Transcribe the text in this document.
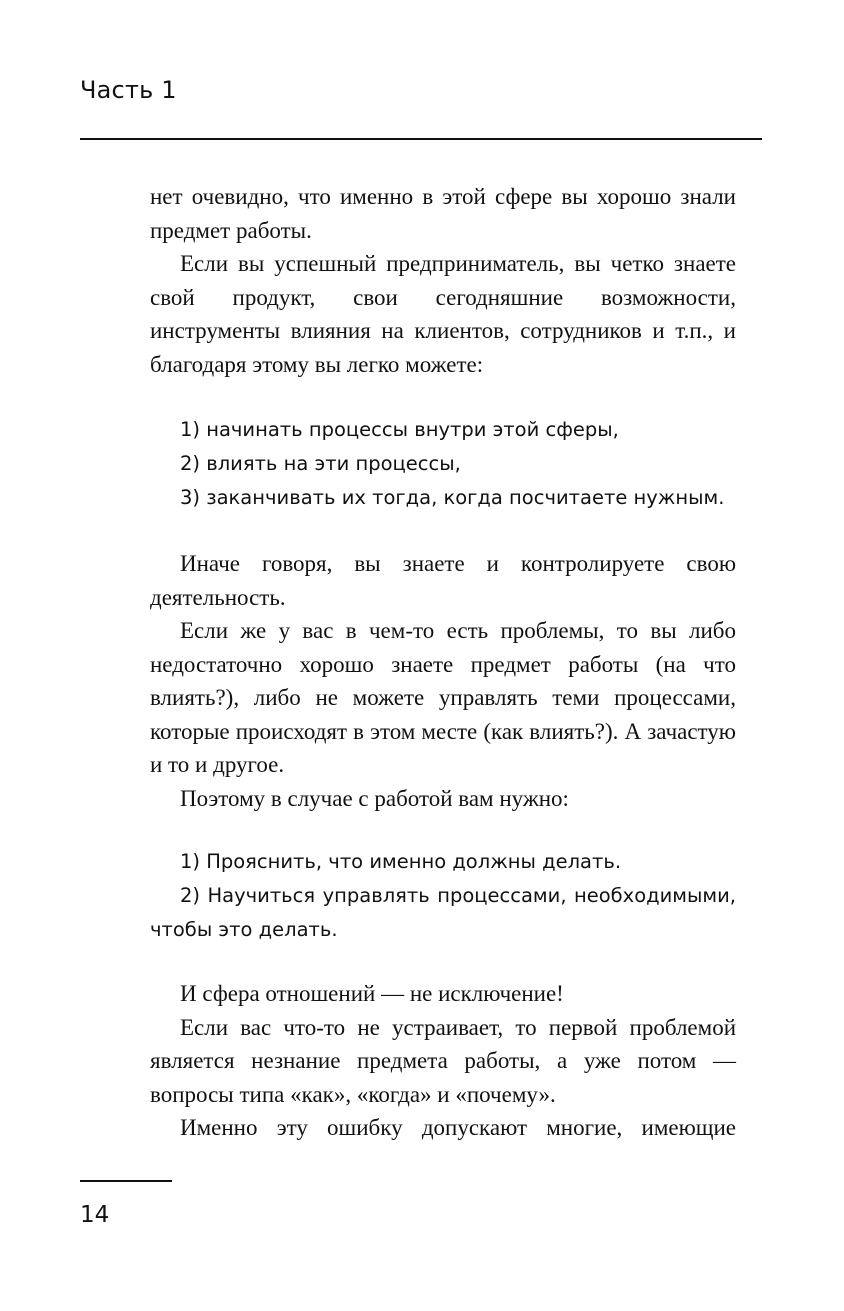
Часть 1

нет очевидно, что именно в этой сфере вы хорошо знали предмет работы.

Если вы успешный предприниматель, вы четко знаете свой продукт, свои сегодняшние возможности, инструменты влияния на клиентов, сотрудников и т.п., и благодаря этому вы легко можете:

1) начинать процессы внутри этой сферы,

2) влиять на эти процессы,

3) заканчивать их тогда, когда посчитаете нужным.

Иначе говоря, вы знаете и контролируете свою деятельность.

Если же у вас в чем-то есть проблемы, то вы либо недостаточно хорошо знаете предмет работы (на что влиять?), либо не можете управлять теми процессами, которые происходят в этом месте (как влиять?). А зачастую и то и другое.

Поэтому в случае с работой вам нужно:

1) Прояснить, что именно должны делать.

2) Научиться управлять процессами, необходимыми, чтобы это делать.

И сфера отношений — не исключение!

Если вас что-то не устраивает, то первой проблемой является незнание предмета работы, а уже потом — вопросы типа «как», «когда» и «почему».

Именно эту ошибку допускают многие, имеющие

14
